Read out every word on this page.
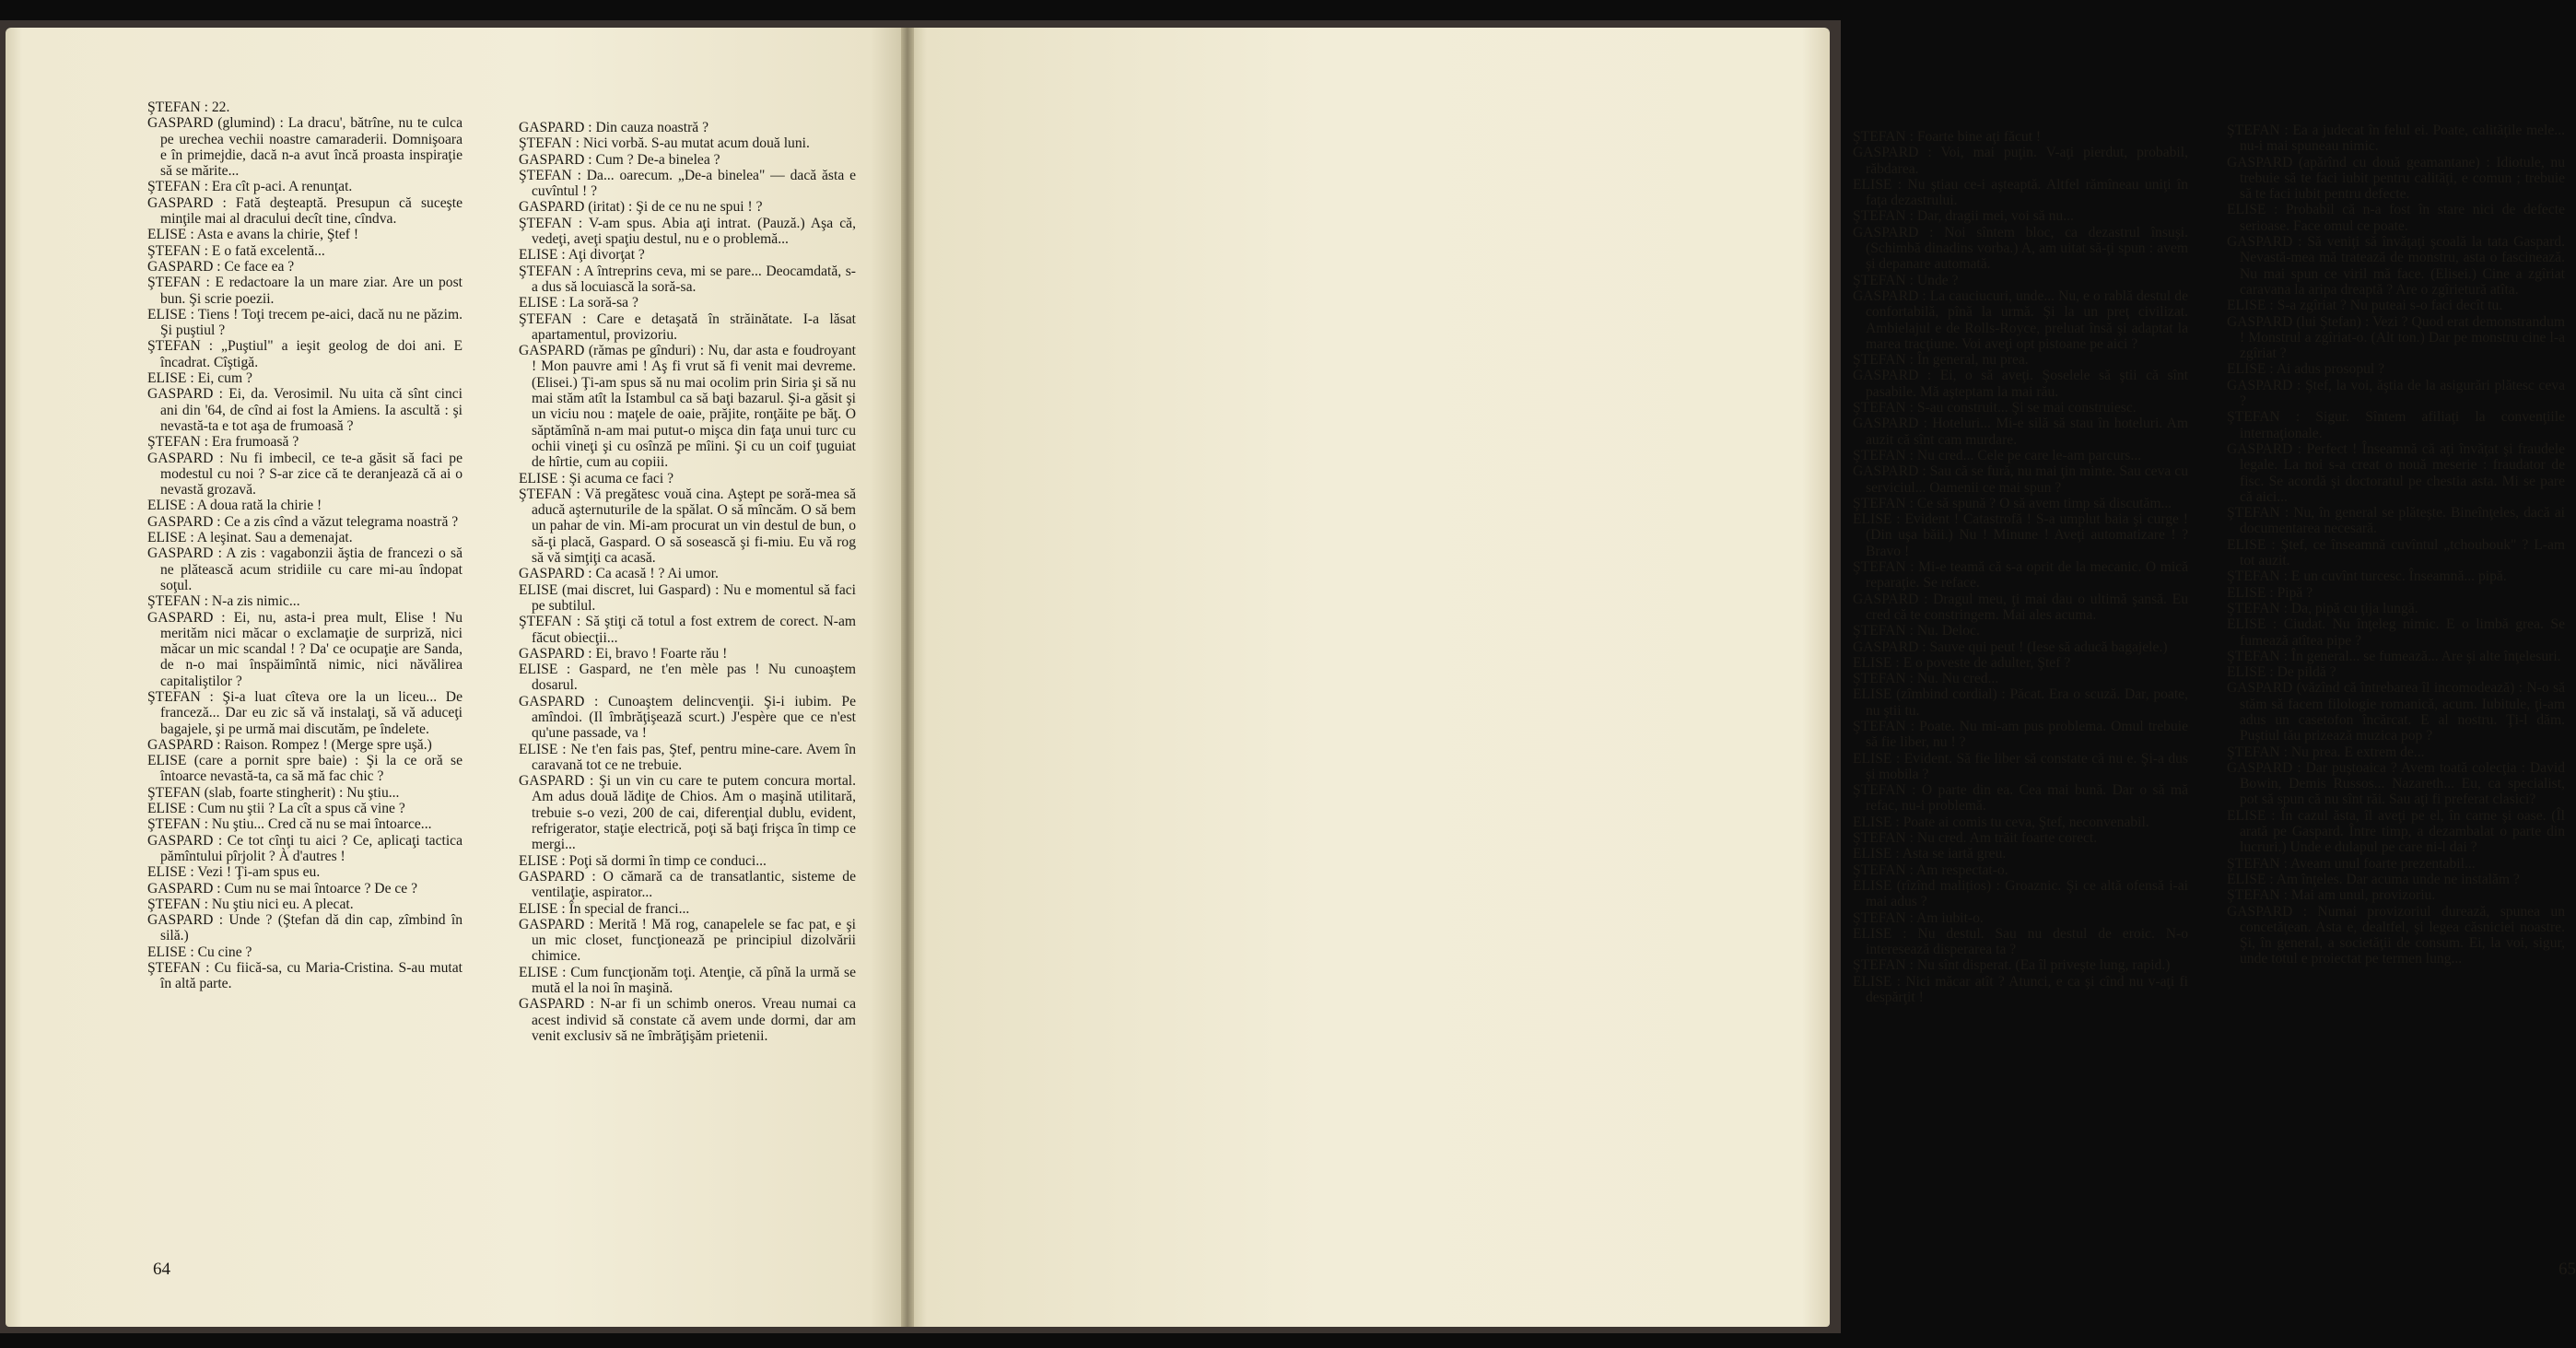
ŞTEFAN : 22.

GASPARD (glumind) : La dracu', bătrîne, nu te culca pe urechea vechii noastre camaraderii. Domnişoara e în primejdie, dacă n-a avut încă proasta inspiraţie să se mărite...

ŞTEFAN : Era cît p-aci. A renunţat.

GASPARD : Fată deşteaptă. Presupun că suceşte minţile mai al dracului decît tine, cîndva.

ELISE : Asta e avans la chirie, Ştef !

ŞTEFAN : E o fată excelentă...

GASPARD : Ce face ea ?

ŞTEFAN : E redactoare la un mare ziar. Are un post bun. Şi scrie poezii.

ELISE : Tiens ! Toţi trecem pe-aici, dacă nu ne păzim. Şi puştiul ?

ŞTEFAN : „Puştiul" a ieşit geolog de doi ani. E încadrat. Cîştigă.

ELISE : Ei, cum ?

GASPARD : Ei, da. Verosimil. Nu uita că sînt cinci ani din '64, de cînd ai fost la Amiens. Ia ascultă : şi nevastă-ta e tot aşa de frumoasă ?

ŞTEFAN : Era frumoasă ?

GASPARD : Nu fi imbecil, ce te-a găsit să faci pe modestul cu noi ? S-ar zice că te deranjează că ai o nevastă grozavă.

ELISE : A doua rată la chirie !

GASPARD : Ce a zis cînd a văzut telegrama noastră ?

ELISE : A leşinat. Sau a demenajat.

GASPARD : A zis : vagabonzii ăştia de francezi o să ne plătească acum stridiile cu care mi-au îndopat soţul.

ŞTEFAN : N-a zis nimic...

GASPARD : Ei, nu, asta-i prea mult, Elise ! Nu merităm nici măcar o exclamaţie de surpriză, nici măcar un mic scandal ! ? Da' ce ocupaţie are Sanda, de n-o mai înspăimîntă nimic, nici năvălirea capitaliştilor ?

ŞTEFAN : Şi-a luat cîteva ore la un liceu... De franceză... Dar eu zic să vă instalaţi, să vă aduceţi bagajele, şi pe urmă mai discutăm, pe îndelete.

GASPARD : Raison. Rompez ! (Merge spre uşă.)

ELISE (care a pornit spre baie) : Şi la ce oră se întoarce nevastă-ta, ca să mă fac chic ?

ŞTEFAN (slab, foarte stingherit) : Nu ştiu...

ELISE : Cum nu ştii ? La cît a spus că vine ?

ŞTEFAN : Nu ştiu... Cred că nu se mai întoarce...

GASPARD : Ce tot cînţi tu aici ? Ce, aplicaţi tactica pămîntului pîrjolit ? À d'autres !

ELISE : Vezi ! Ţi-am spus eu.

GASPARD : Cum nu se mai întoarce ? De ce ?

ŞTEFAN : Nu ştiu nici eu. A plecat.

GASPARD : Unde ? (Ştefan dă din cap, zîmbind în silă.)

ELISE : Cu cine ?

ŞTEFAN : Cu fiică-sa, cu Maria-Cristina. S-au mutat în altă parte.

GASPARD : Din cauza noastră ?

ŞTEFAN : Nici vorbă. S-au mutat acum două luni.

GASPARD : Cum ? De-a binelea ?

ŞTEFAN : Da... oarecum. „De-a binelea" — dacă ăsta e cuvîntul ! ?

GASPARD (iritat) : Şi de ce nu ne spui ! ?

ŞTEFAN : V-am spus. Abia aţi intrat. (Pauză.) Aşa că, vedeţi, aveţi spaţiu destul, nu e o problemă...

ELISE : Aţi divorţat ?

ŞTEFAN : A întreprins ceva, mi se pare... Deocamdată, s-a dus să locuiască la soră-sa.

ELISE : La soră-sa ?

ŞTEFAN : Care e detaşată în străinătate. I-a lăsat apartamentul, provizoriu.

GASPARD (rămas pe gînduri) : Nu, dar asta e foudroyant ! Mon pauvre ami ! Aş fi vrut să fi venit mai devreme. (Elisei.) Ţi-am spus să nu mai ocolim prin Siria şi să nu mai stăm atît la Istambul ca să baţi bazarul. Şi-a găsit şi un viciu nou : maţele de oaie, prăjite, ronţăite pe băţ. O săptămînă n-am mai putut-o mişca din faţa unui turc cu ochii vineţi şi cu osînză pe mîini. Şi cu un coif ţuguiat de hîrtie, cum au copiii.

ELISE : Şi acuma ce faci ?

ŞTEFAN : Vă pregătesc vouă cina. Aştept pe soră-mea să aducă aşternuturile de la spălat. O să mîncăm. O să bem un pahar de vin. Mi-am procurat un vin destul de bun, o să-ţi placă, Gaspard. O să sosească şi fi-miu. Eu vă rog să vă simţiţi ca acasă.

GASPARD : Ca acasă ! ? Ai umor.

ELISE (mai discret, lui Gaspard) : Nu e momentul să faci pe subtilul.

ŞTEFAN : Să ştiţi că totul a fost extrem de corect. N-am făcut obiecţii...

GASPARD : Ei, bravo ! Foarte rău !

ELISE : Gaspard, ne t'en mèle pas ! Nu cunoaştem dosarul.

GASPARD : Cunoaştem delincvenţii. Şi-i iubim. Pe amîndoi. (Il îmbrăţişează scurt.) J'espère que ce n'est qu'une passade, va !

ELISE : Ne t'en fais pas, Ştef, pentru mine-care. Avem în caravană tot ce ne trebuie.

GASPARD : Şi un vin cu care te putem concura mortal. Am adus două lădiţe de Chios. Am o maşină utilitară, trebuie s-o vezi, 200 de cai, diferenţial dublu, evident, refrigerator, staţie electrică, poţi să baţi frişca în timp ce mergi...

ELISE : Poţi să dormi în timp ce conduci...

GASPARD : O cămară ca de transatlantic, sisteme de ventilaţie, aspirator...

ELISE : În special de franci...

GASPARD : Merită ! Mă rog, canapelele se fac pat, e şi un mic closet, funcţionează pe principiul dizolvării chimice.

ELISE : Cum funcţionăm toţi. Atenţie, că pînă la urmă se mută el la noi în maşină.

GASPARD : N-ar fi un schimb oneros. Vreau numai ca acest individ să constate că avem unde dormi, dar am venit exclusiv să ne îmbrăţişăm prietenii.

64

ŞTEFAN : Foarte bine aţi făcut !

GASPARD : Voi, mai puţin. V-aţi pierdut, probabil, răbdarea.

ELISE : Nu ştiau ce-i aşteaptă. Altfel rămîneau uniţi în faţa dezastrului.

ŞTEFAN : Dar, dragii mei, voi să nu...

GASPARD : Noi sîntem bloc, ca dezastrul însuşi. (Schimbă dinadins vorba.) A, am uitat să-ţi spun : avem şi depanare automată.

ŞTEFAN : Unde ?

GASPARD : La cauciucuri, unde... Nu, e o rablă destul de confortabilă, pînă la urmă. Şi la un preţ civilizat. Ambielajul e de Rolls-Royce, preluat însă şi adaptat la marea tracţiune. Voi aveţi opt pistoane pe aici ?

ŞTEFAN : În general, nu prea.

GASPARD : Ei, o să aveţi. Şoselele să ştii că sînt pasabile. Mă aşteptam la mai rău.

ŞTEFAN : S-au construit... Şi se mai construiesc.

GASPARD : Hoteluri... Mi-e silă să stau în hoteluri. Am auzit că sînt cam murdare.

ŞTEFAN : Nu cred... Cele pe care le-am parcurs...

GASPARD : Sau că se fură, nu mai ţin minte. Sau ceva cu serviciul... Oamenii ce mai spun ?

ŞTEFAN : Ce să spună ? O să avem timp să discutăm...

ELISE : Evident ! Catastrofă ! S-a umplut baia şi curge ! (Din uşa băii.) Nu ! Minune ! Aveţi automatizare ! ? Bravo !

ŞTEFAN : Mi-e teamă că s-a oprit de la mecanic. O mică reparaţie. Se reface.

GASPARD : Dragul meu, ţi mai dau o ultimă şansă. Eu cred că te constringem. Mai ales acuma.

ŞTEFAN : Nu. Deloc.

GASPARD : Sauve qui peut ! (Iese să aducă bagajele.)

ELISE : E o poveste de adulter, Ştef ?

ŞTEFAN : Nu. Nu cred...

ELISE (zîmbind cordial) : Păcat. Era o scuză. Dar, poate, nu ştii tu.

ŞTEFAN : Poate. Nu mi-am pus problema. Omul trebuie să fie liber, nu ! ?

ELISE : Evident. Să fie liber să constate că nu e. Şi-a dus şi mobila ?

ŞTEFAN : O parte din ea. Cea mai bună. Dar o să mă refac, nu-i problemă.

ELISE : Poate ai comis tu ceva, Ştef, neconvenabil.

ŞTEFAN : Nu cred. Am trăit foarte corect.

ELISE : Asta se iartă greu.

ŞTEFAN : Am respectat-o.

ELISE (rîzînd malițios) : Groaznic. Şi ce altă ofensă i-ai mai adus ?

ŞTEFAN : Am iubit-o.

ELISE : Nu destul. Sau nu destul de eroic. N-o interesează disperarea ta ?

ŞTEFAN : Nu sînt disperat. (Ea îl priveşte lung, rapid.)

ELISE : Nici măcar atît ? Atunci, e ca şi cînd nu v-aţi fi despărţit !

ŞTEFAN : Ea a judecat în felul ei. Poate, calităţile mele... nu-i mai spuneau nimic.

GASPARD (apărînd cu două geamantane) : Idiotule, nu trebuie să te faci iubit pentru calităţi, e comun ; trebuie să te faci iubit pentru defecte.

ELISE : Probabil că n-a fost în stare nici de defecte serioase. Face omul ce poate.

GASPARD : Să veniţi să învăţaţi şcoală la tata Gaspard. Nevastă-mea mă tratează de monstru, asta o fascinează. Nu mai spun ce viril mă face. (Elisei.) Cine a zgîriat caravana la aripa dreaptă ? Are o zgîrietură atîta.

ELISE : S-a zgîriat ? Nu puteai s-o faci decît tu.

GASPARD (lui Ştefan) : Vezi ? Quod erat demonstrandum ! Monstrul a zgîriat-o. (Alt ton.) Dar pe monstru cine l-a zgîriat ?

ELISE : Ai adus prosopul ?

GASPARD : Ştef, la voi, ăştia de la asigurări plătesc ceva ?

ŞTEFAN : Sigur. Sîntem afiliaţi la convenţiile internaţionale.

GASPARD : Perfect ! Înseamnă că aţi învăţat şi fraudele legale. La noi s-a creat o nouă meserie : fraudator de fisc. Se acordă şi doctoratul pe chestia asta. Mi se pare că aici...

ŞTEFAN : Nu, în general se plăteşte. Bineînţeles, dacă ai documentarea necesară.

ELISE : Ştef, ce înseamnă cuvîntul „tchoubouk" ? L-am tot auzit.

ŞTEFAN : E un cuvînt turcesc. Înseamnă... pipă.

ELISE : Pipă ?

ŞTEFAN : Da, pipă cu ţija lungă.

ELISE : Ciudat. Nu înţeleg nimic. E o limbă grea. Se fumează atîtea pipe ?

ŞTEFAN : În general... se fumează... Are şi alte înţelesuri.

ELISE : De pildă ?

GASPARD (văzînd că întrebarea îl incomodează) : N-o să stăm să facem filologie romanică, acum. Iubitule, ţi-am adus un casetofon încărcat. E al nostru. Ţi-l dăm. Puştiul tău prizează muzica pop ?

ŞTEFAN : Nu prea. E extrem de...

GASPARD : Dar puştoaica ? Avem toată colecţia : David Bowin, Demis Russos... Nazareth... Eu, ca specialist, pot să spun că nu sînt răi. Sau aţi fi preferat clasici?

ELISE : În cazul ăsta, îl aveţi pe el, în carne şi oase. (Îl arată pe Gaspard. Între timp, a dezambalat o parte din lucruri.) Unde e dulapul pe care ni-l dai ?

ŞTEFAN : Aveam unul foarte prezentabil...

ELISE : Am înţeles. Dar acuma unde ne instalăm ?

ŞTEFAN : Mai am unul, provizoriu.

GASPARD : Numai provizoriul durează, spunea un concetăţean. Asta e, dealtfel, şi legea căsniciei noastre. Şi, în general, a societăţii de consum. Ei, la voi, sigur, unde totul e proiectat pe termen lung...

65
